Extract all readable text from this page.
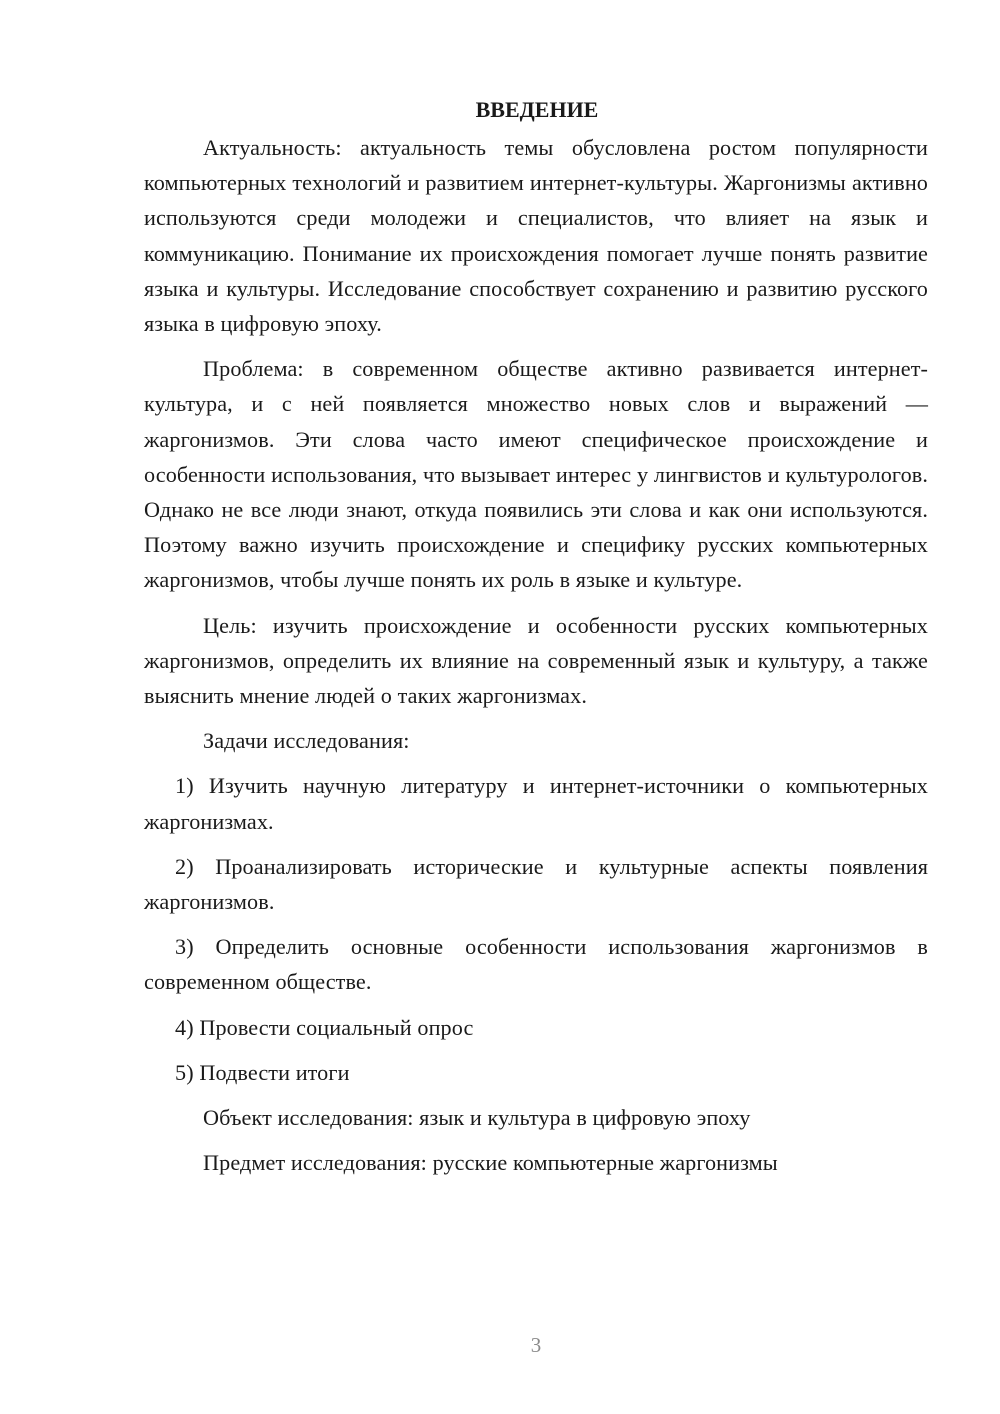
ВВЕДЕНИЕ

Актуальность: актуальность темы обусловлена ростом популярности компьютерных технологий и развитием интернет-культуры. Жаргонизмы активно используются среди молодежи и специалистов, что влияет на язык и коммуникацию. Понимание их происхождения помогает лучше понять развитие языка и культуры. Исследование способствует сохранению и развитию русского языка в цифровую эпоху.

Проблема: в современном обществе активно развивается интернет-культура, и с ней появляется множество новых слов и выражений — жаргонизмов. Эти слова часто имеют специфическое происхождение и особенности использования, что вызывает интерес у лингвистов и культурологов. Однако не все люди знают, откуда появились эти слова и как они используются. Поэтому важно изучить происхождение и специфику русских компьютерных жаргонизмов, чтобы лучше понять их роль в языке и культуре.

Цель: изучить происхождение и особенности русских компьютерных жаргонизмов, определить их влияние на современный язык и культуру, а также выяснить мнение людей о таких жаргонизмах.

Задачи исследования:

1) Изучить научную литературу и интернет-источники о компьютерных жаргонизмах.

2) Проанализировать исторические и культурные аспекты появления жаргонизмов.

3) Определить основные особенности использования жаргонизмов в современном обществе.

4) Провести социальный опрос

5) Подвести итоги

Объект исследования: язык и культура в цифровую эпоху

Предмет исследования: русские компьютерные жаргонизмы

3
